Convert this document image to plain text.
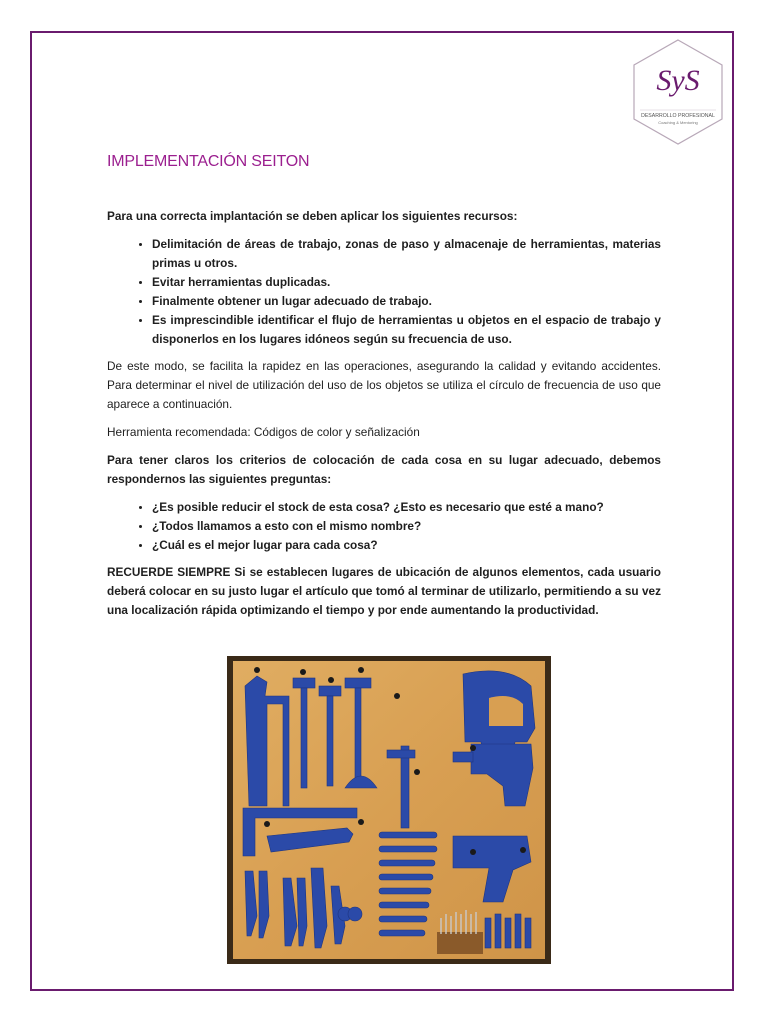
SyS
DESARROLLO PROFESIONAL
Coaching & Mentoring
IMPLEMENTACIÓN SEITON

Para una correcta implantación se deben aplicar los siguientes recursos:

• Delimitación de áreas de trabajo, zonas de paso y almacenaje de herramientas, materias primas u otros.
• Evitar herramientas duplicadas.
• Finalmente obtener un lugar adecuado de trabajo.
• Es imprescindible identificar el flujo de herramientas u objetos en el espacio de trabajo y disponerlos en los lugares idóneos según su frecuencia de uso.

De este modo, se facilita la rapidez en las operaciones, asegurando la calidad y evitando accidentes. Para determinar el nivel de utilización del uso de los objetos se utiliza el círculo de frecuencia de uso que aparece a continuación.

Herramienta recomendada: Códigos de color y señalización

Para tener claros los criterios de colocación de cada cosa en su lugar adecuado, debemos respondernos las siguientes preguntas:

• ¿Es posible reducir el stock de esta cosa? ¿Esto es necesario que esté a mano?
• ¿Todos llamamos a esto con el mismo nombre?
• ¿Cuál es el mejor lugar para cada cosa?

RECUERDE SIEMPRE Si se establecen lugares de ubicación de algunos elementos, cada usuario deberá colocar en su justo lugar el artículo que tomó al terminar de utilizarlo, permitiendo a su vez una localización rápida optimizando el tiempo y por ende aumentando la productividad.
